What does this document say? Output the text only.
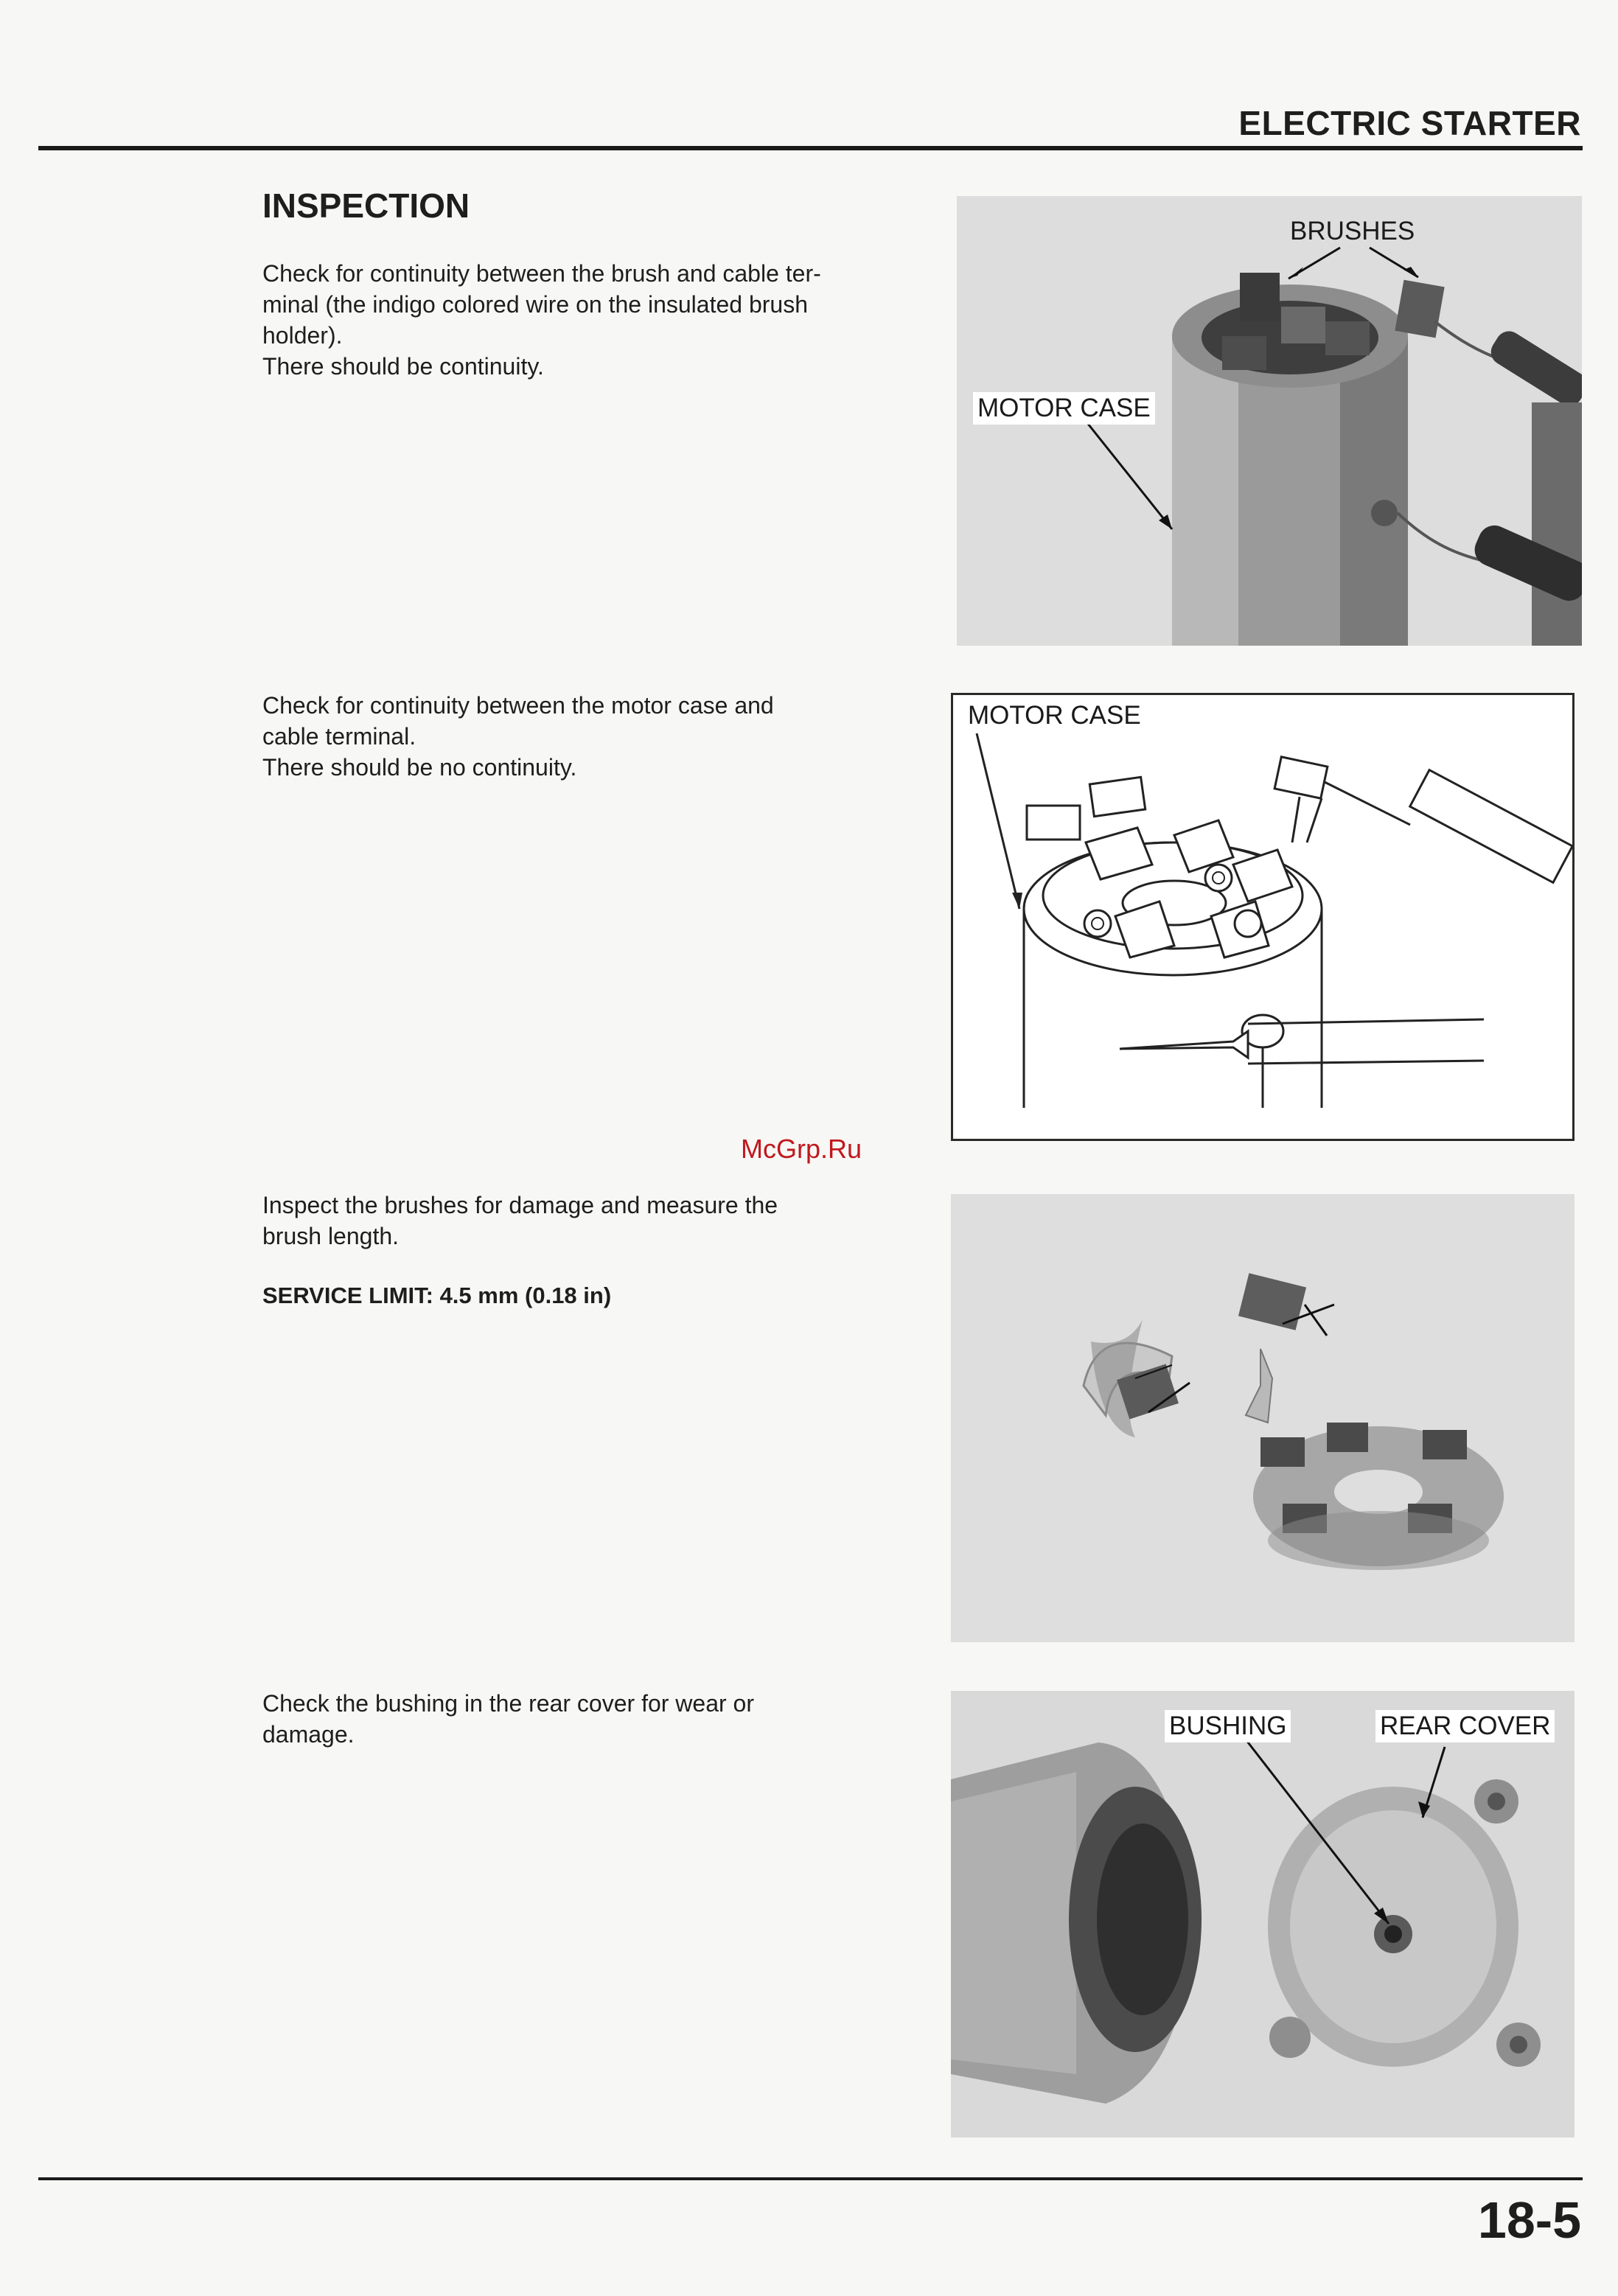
ELECTRIC STARTER
INSPECTION
Check for continuity between the brush and cable ter-
minal (the indigo colored wire on the insulated brush
holder).
There should be continuity.
BRUSHES
MOTOR CASE
Check for continuity between the motor case and
cable terminal.
There should be no continuity.
MOTOR CASE
McGrp.Ru
Inspect the brushes for damage and measure the
brush length.
SERVICE LIMIT: 4.5 mm (0.18 in)
Check the bushing in the rear cover for wear or
damage.	BUSHING	REAR COVER
18-5
